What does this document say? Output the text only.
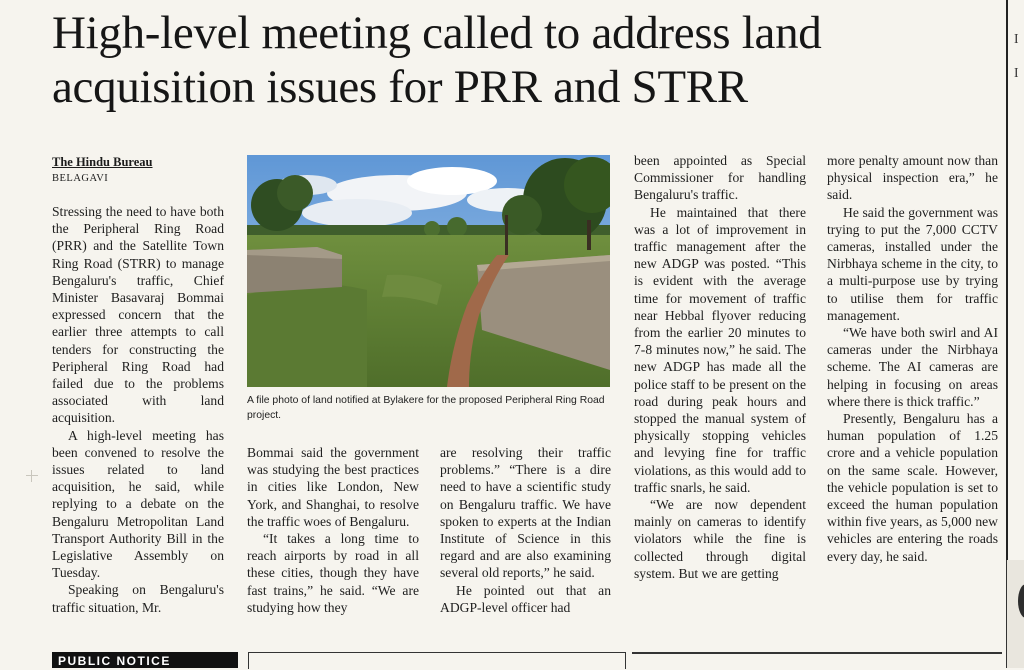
High-level meeting called to address land acquisition issues for PRR and STRR
The Hindu Bureau
BELAGAVI

Stressing the need to have both the Peripheral Ring Road (PRR) and the Satellite Town Ring Road (STRR) to manage Bengaluru's traffic, Chief Minister Basavaraj Bommai expressed concern that the earlier three attempts to call tenders for constructing the Peripheral Ring Road had failed due to the problems associated with land acquisition.

A high-level meeting has been convened to resolve the issues related to land acquisition, he said, while replying to a debate on the Bengaluru Metropolitan Land Transport Authority Bill in the Legislative Assembly on Tuesday.

Speaking on Bengaluru's traffic situation, Mr.

A file photo of land notified at Bylakere for the proposed Peripheral Ring Road project.

Bommai said the government was studying the best practices in cities like London, New York, and Shanghai, to resolve the traffic woes of Bengaluru.

“It takes a long time to reach airports by road in all these cities, though they have fast trains,” he said. “We are studying how they

are resolving their traffic problems.” “There is a dire need to have a scientific study on Bengaluru traffic. We have spoken to experts at the Indian Institute of Science in this regard and are also examining several old reports,” he said.

He pointed out that an ADGP-level officer had

been appointed as Special Commissioner for handling Bengaluru's traffic.

He maintained that there was a lot of improvement in traffic management after the new ADGP was posted. “This is evident with the average time for movement of traffic near Hebbal flyover reducing from the earlier 20 minutes to 7-8 minutes now,” he said. The new ADGP has made all the police staff to be present on the road during peak hours and stopped the manual system of physically stopping vehicles and levying fine for traffic violations, as this would add to traffic snarls, he said.

“We are now dependent mainly on cameras to identify violators while the fine is collected through digital system. But we are getting

more penalty amount now than physical inspection era,” he said.

He said the government was trying to put the 7,000 CCTV cameras, installed under the Nirbhaya scheme in the city, to a multi-purpose use by trying to utilise them for traffic management.

“We have both swirl and AI cameras under the Nirbhaya scheme. The AI cameras are helping in focusing on areas where there is thick traffic.”

Presently, Bengaluru has a human population of 1.25 crore and a vehicle population on the same scale. However, the vehicle population is set to exceed the human population within five years, as 5,000 new vehicles are entering the roads every day, he said.

I

I
PUBLIC NOTICE
